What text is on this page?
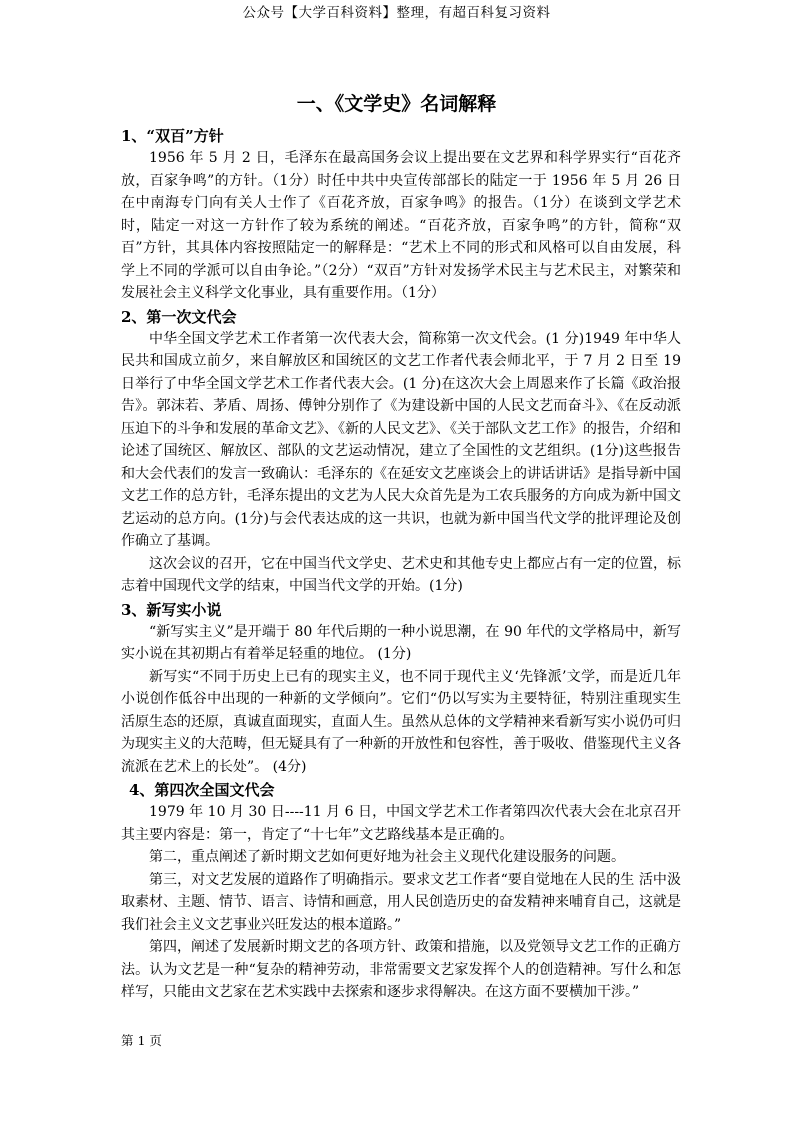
公众号【大学百科资料】整理，有超百科复习资料
一、《文学史》名词解释
1、“双百”方针

1956 年 5 月 2 日，毛泽东在最高国务会议上提出要在文艺界和科学界实行“百花齐放，百家争鸣”的方针。（1分）时任中共中央宣传部部长的陆定一于 1956 年 5 月 26 日在中南海专门向有关人士作了《百花齐放，百家争鸣》的报告。（1分）在谈到文学艺术时，陆定一对这一方针作了较为系统的阐述。“百花齐放，百家争鸣”的方针，简称“双百”方针，其具体内容按照陆定一的解释是：“艺术上不同的形式和风格可以自由发展，科学上不同的学派可以自由争论。”（2分）“双百”方针对发扬学术民主与艺术民主，对繁荣和发展社会主义科学文化事业，具有重要作用。（1分）

2、第一次文代会

中华全国文学艺术工作者第一次代表大会，简称第一次文代会。(1 分)1949 年中华人民共和国成立前夕，来自解放区和国统区的文艺工作者代表会师北平，于 7 月 2 日至 19 日举行了中华全国文学艺术工作者代表大会。(1 分)在这次大会上周恩来作了长篇《政治报告》。郭沫若、茅盾、周扬、傅钟分别作了《为建设新中国的人民文艺而奋斗》、《在反动派压迫下的斗争和发展的革命文艺》、《新的人民文艺》、《关于部队文艺工作》的报告，介绍和论述了国统区、解放区、部队的文艺运动情况，建立了全国性的文艺组织。(1分)这些报告和大会代表们的发言一致确认：毛泽东的《在延安文艺座谈会上的讲话讲话》是指导新中国文艺工作的总方针，毛泽东提出的文艺为人民大众首先是为工农兵服务的方向成为新中国文艺运动的总方向。(1分)与会代表达成的这一共识，也就为新中国当代文学的批评理论及创作确立了基调。

这次会议的召开，它在中国当代文学史、艺术史和其他专史上都应占有一定的位置，标志着中国现代文学的结束，中国当代文学的开始。(1分)

3、新写实小说

“新写实主义”是开端于 80 年代后期的一种小说思潮，在 90 年代的文学格局中，新写实小说在其初期占有着举足轻重的地位。 (1分)

新写实“不同于历史上已有的现实主义，也不同于现代主义‘先锋派’文学，而是近几年小说创作低谷中出现的一种新的文学倾向”。它们“仍以写实为主要特征，特别注重现实生活原生态的还原，真诚直面现实，直面人生。虽然从总体的文学精神来看新写实小说仍可归为现实主义的大范畴，但无疑具有了一种新的开放性和包容性，善于吸收、借鉴现代主义各流派在艺术上的长处”。 (4分)

4、第四次全国文代会

1979 年 10 月 30 日----11 月 6 日，中国文学艺术工作者第四次代表大会在北京召开其主要内容是：第一，肯定了“十七年”文艺路线基本是正确的。

第二，重点阐述了新时期文艺如何更好地为社会主义现代化建设服务的问题。

第三，对文艺发展的道路作了明确指示。要求文艺工作者“要自觉地在人民的生 活中汲取素材、主题、情节、语言、诗情和画意，用人民创造历史的奋发精神来哺育自己，这就是我们社会主义文艺事业兴旺发达的根本道路。”

第四，阐述了发展新时期文艺的各项方针、政策和措施，以及党领导文艺工作的正确方法。认为文艺是一种“复杂的精神劳动，非常需要文艺家发挥个人的创造精神。写什么和怎样写，只能由文艺家在艺术实践中去探索和逐步求得解决。在这方面不要横加干涉。”

第 1 页
